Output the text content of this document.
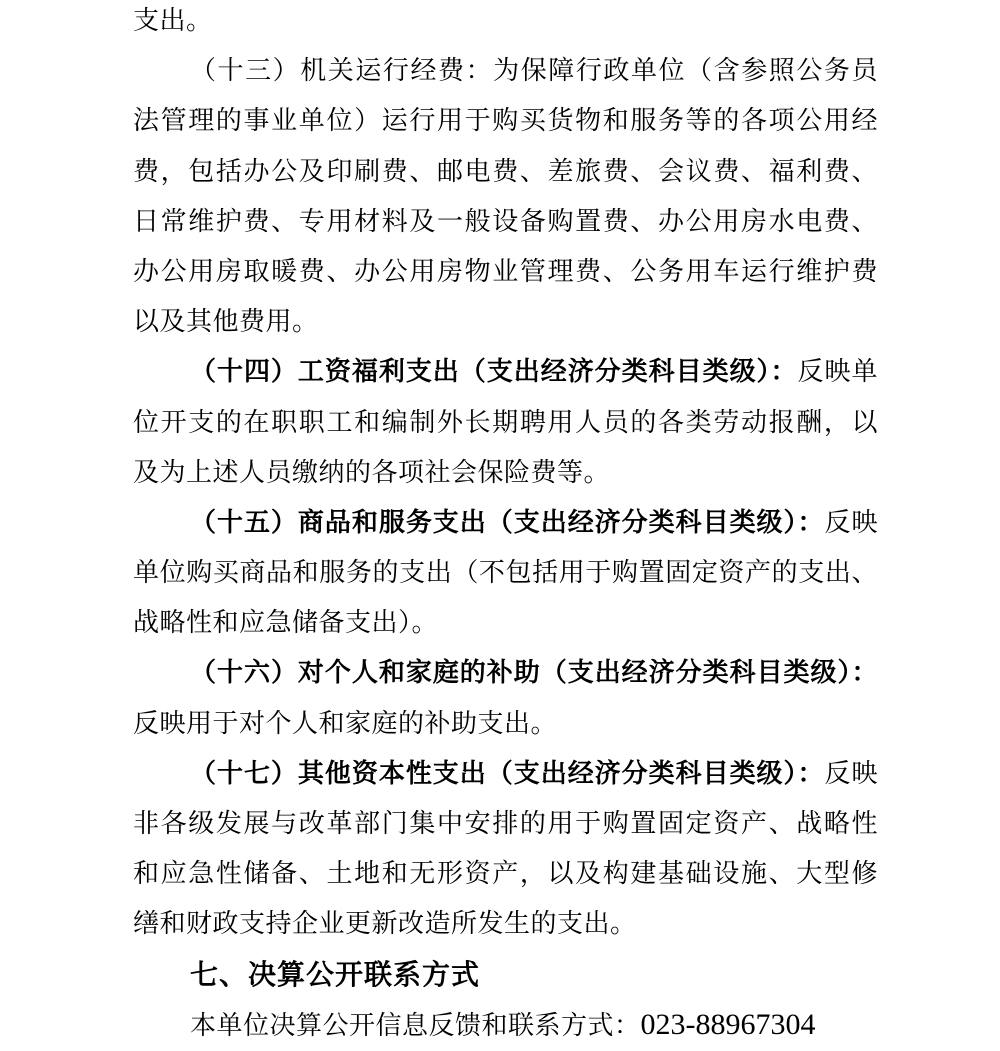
支出。
（十三）机关运行经费：为保障行政单位（含参照公务员
法管理的事业单位）运行用于购买货物和服务等的各项公用经
费，包括办公及印刷费、邮电费、差旅费、会议费、福利费、
日常维护费、专用材料及一般设备购置费、办公用房水电费、
办公用房取暖费、办公用房物业管理费、公务用车运行维护费
以及其他费用。
（十四）工资福利支出（支出经济分类科目类级）：反映单
位开支的在职职工和编制外长期聘用人员的各类劳动报酬，以
及为上述人员缴纳的各项社会保险费等。
（十五）商品和服务支出（支出经济分类科目类级）：反映
单位购买商品和服务的支出（不包括用于购置固定资产的支出、
战略性和应急储备支出）。
（十六）对个人和家庭的补助（支出经济分类科目类级）：
反映用于对个人和家庭的补助支出。
（十七）其他资本性支出（支出经济分类科目类级）：反映
非各级发展与改革部门集中安排的用于购置固定资产、战略性
和应急性储备、土地和无形资产，以及构建基础设施、大型修
缮和财政支持企业更新改造所发生的支出。
七、决算公开联系方式
本单位决算公开信息反馈和联系方式：023-88967304
